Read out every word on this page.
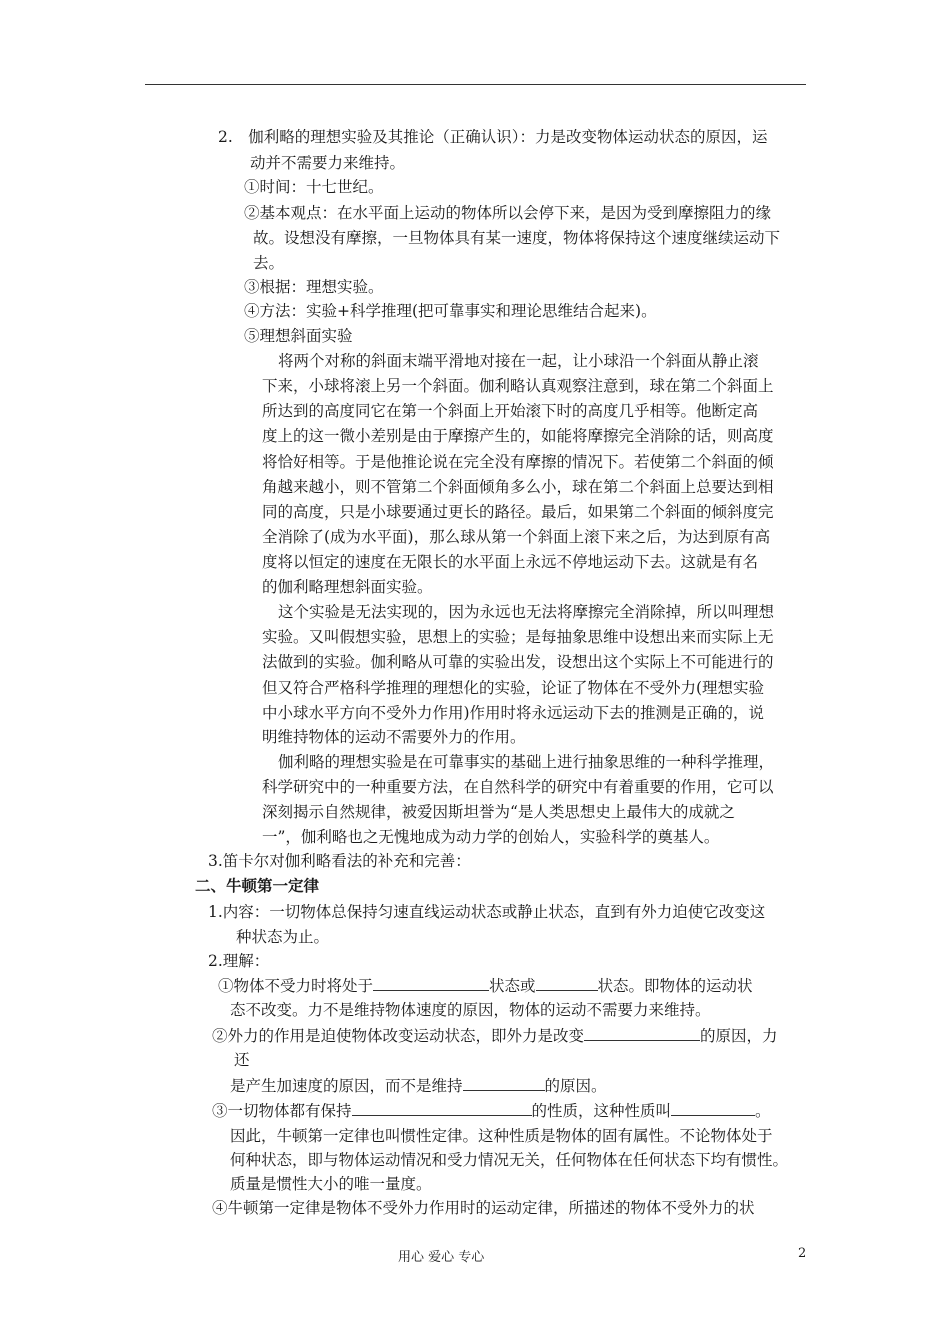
2.　伽利略的理想实验及其推论（正确认识）：力是改变物体运动状态的原因，运
动并不需要力来维持。
①时间：十七世纪。
②基本观点：在水平面上运动的物体所以会停下来，是因为受到摩擦阻力的缘
故。设想没有摩擦，一旦物体具有某一速度，物体将保持这个速度继续运动下
去。
③根据：理想实验。
④方法：实验+科学推理(把可靠事实和理论思维结合起来)。
⑤理想斜面实验
将两个对称的斜面末端平滑地对接在一起，让小球沿一个斜面从静止滚
下来，小球将滚上另一个斜面。伽利略认真观察注意到，球在第二个斜面上
所达到的高度同它在第一个斜面上开始滚下时的高度几乎相等。他断定高
度上的这一微小差别是由于摩擦产生的，如能将摩擦完全消除的话，则高度
将恰好相等。于是他推论说在完全没有摩擦的情况下。若使第二个斜面的倾
角越来越小，则不管第二个斜面倾角多么小，球在第二个斜面上总要达到相
同的高度，只是小球要通过更长的路径。最后，如果第二个斜面的倾斜度完
全消除了(成为水平面)，那么球从第一个斜面上滚下来之后，为达到原有高
度将以恒定的速度在无限长的水平面上永远不停地运动下去。这就是有名
的伽利略理想斜面实验。
这个实验是无法实现的，因为永远也无法将摩擦完全消除掉，所以叫理想
实验。又叫假想实验，思想上的实验；是每抽象思维中设想出来而实际上无
法做到的实验。伽利略从可靠的实验出发，设想出这个实际上不可能进行的
但又符合严格科学推理的理想化的实验，论证了物体在不受外力(理想实验
中小球水平方向不受外力作用)作用时将永远运动下去的推测是正确的，说
明维持物体的运动不需要外力的作用。
伽利略的理想实验是在可靠事实的基础上进行抽象思维的一种科学推理，
科学研究中的一种重要方法，在自然科学的研究中有着重要的作用，它可以
深刻揭示自然规律，被爱因斯坦誉为“是人类思想史上最伟大的成就之
一”，伽利略也之无愧地成为动力学的创始人，实验科学的奠基人。
3.笛卡尔对伽利略看法的补充和完善：
二、牛顿第一定律
1.内容：一切物体总保持匀速直线运动状态或静止状态，直到有外力迫使它改变这
种状态为止。
2.理解：
①物体不受力时将处于	状态或	状态。即物体的运动状
态不改变。力不是维持物体速度的原因，物体的运动不需要力来维持。
②外力的作用是迫使物体改变运动状态，即外力是改变	的原因，力
还
是产生加速度的原因，而不是维持	的原因。
③一切物体都有保持	的性质，这种性质叫	。
因此，牛顿第一定律也叫惯性定律。这种性质是物体的固有属性。不论物体处于
何种状态，即与物体运动情况和受力情况无关，任何物体在任何状态下均有惯性。
质量是惯性大小的唯一量度。
④牛顿第一定律是物体不受外力作用时的运动定律，所描述的物体不受外力的状
用心 爱心 专心	2
